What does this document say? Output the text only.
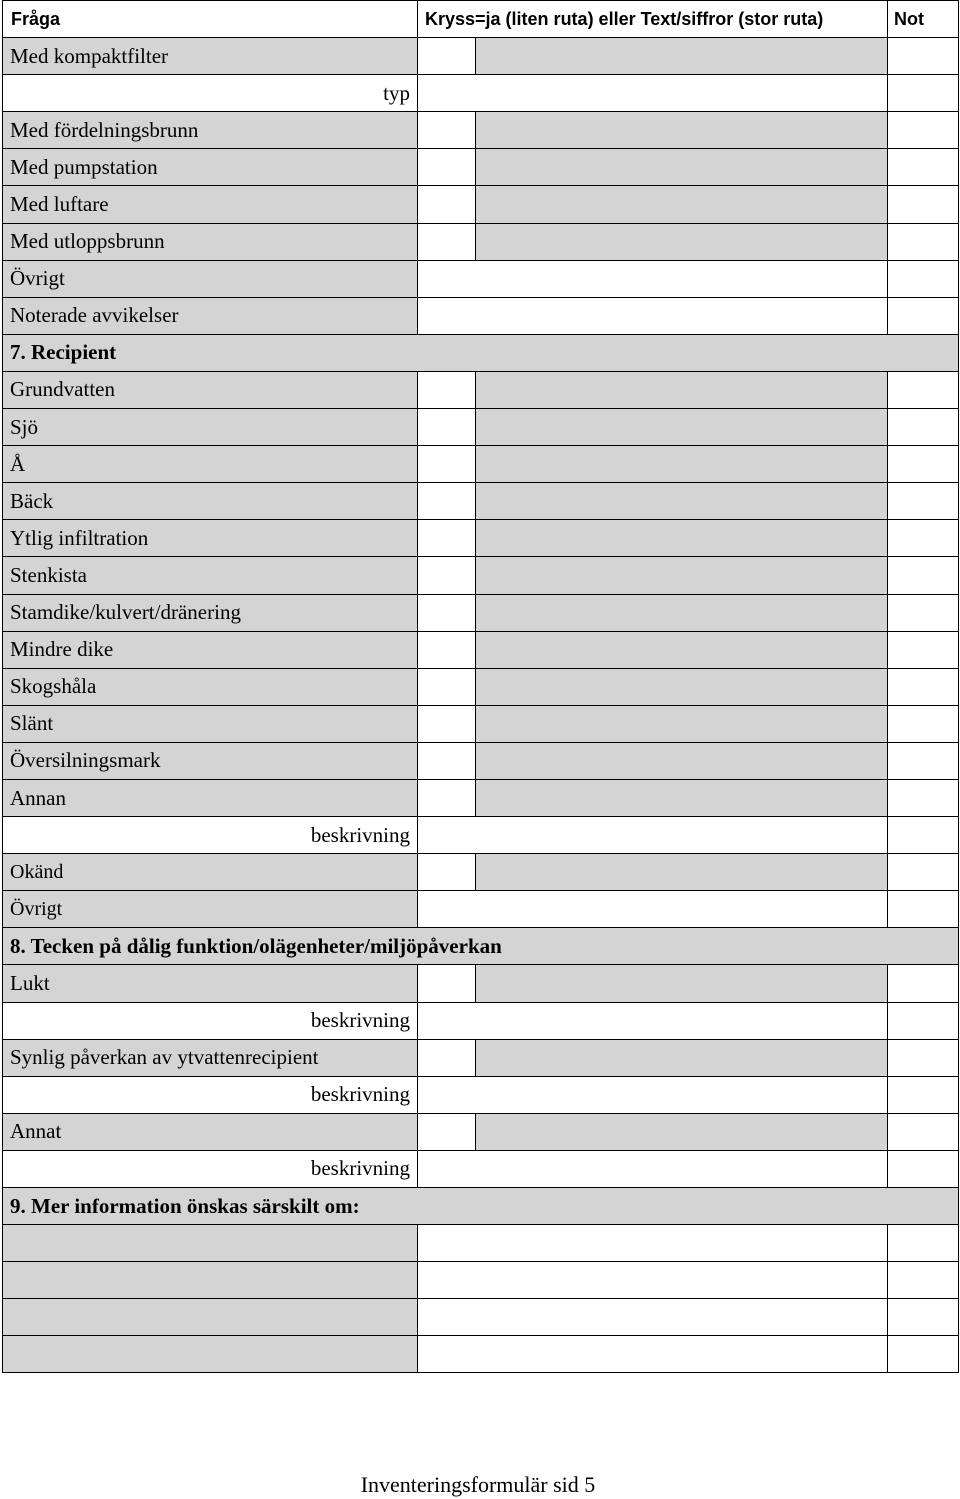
Fråga	Kryss=ja (liten ruta) eller Text/siffror (stor ruta)		Not
Med kompaktfilter			
typ			
Med fördelningsbrunn			
Med pumpstation			
Med luftare			
Med utloppsbrunn			
Övrigt			
Noterade avvikelser			
7. Recipient			
Grundvatten			
Sjö			
Å			
Bäck			
Ytlig infiltration			
Stenkista			
Stamdike/kulvert/dränering			
Mindre dike			
Skogshåla			
Slänt			
Översilningsmark			
Annan			
beskrivning			
Okänd			
Övrigt			
8. Tecken på dålig funktion/olägenheter/miljöpåverkan			
Lukt			
beskrivning			
Synlig påverkan av ytvattenrecipient			
beskrivning			
Annat			
beskrivning			
9. Mer information önskas särskilt om:			

Inventeringsformulär sid 5
